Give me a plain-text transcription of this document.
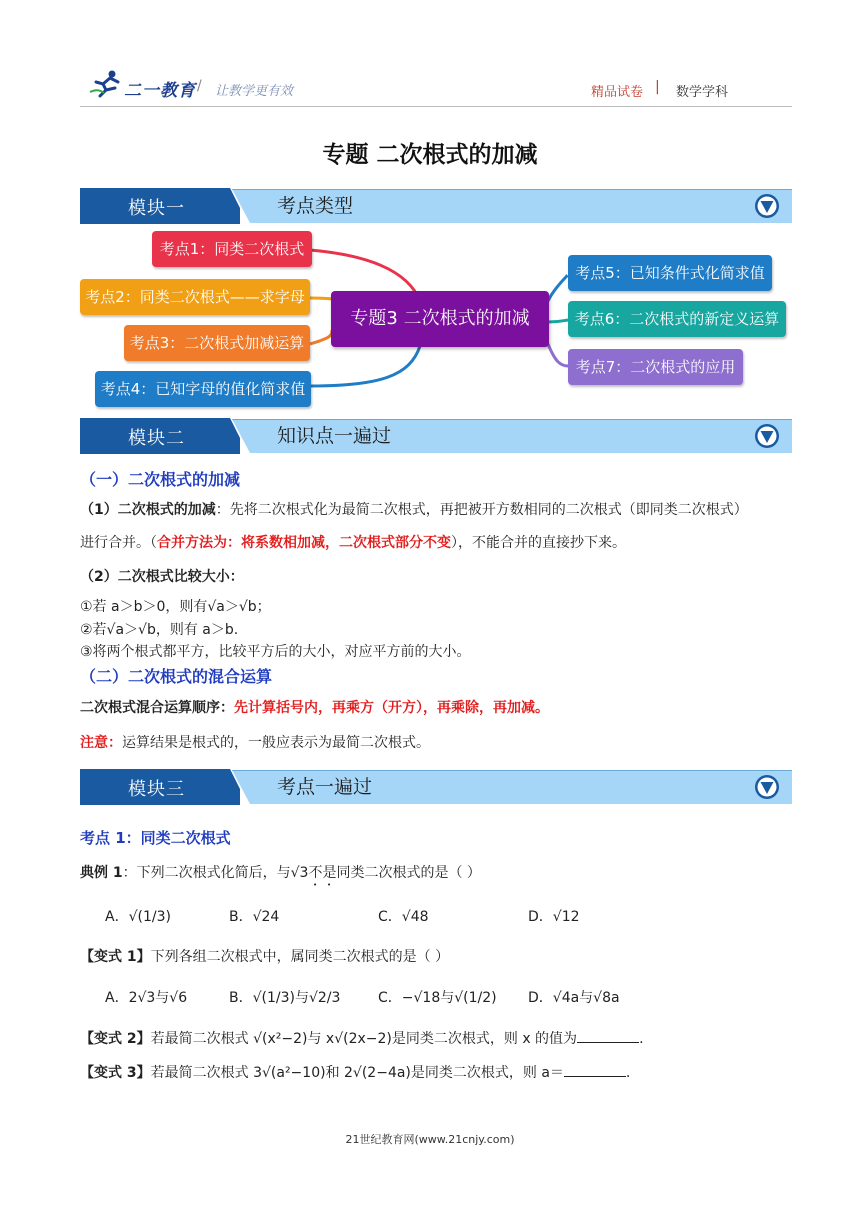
二一教育 / 让教学更有效	精品试卷 | 数学学科
专题 二次根式的加减
模块一	考点类型
考点1：同类二次根式
考点2：同类二次根式——求字母
考点3：二次根式加减运算
考点4：已知字母的值化简求值
专题3 二次根式的加减
考点5：已知条件式化简求值
考点6：二次根式的新定义运算
考点7：二次根式的应用
模块二	知识点一遍过
（一）二次根式的加减
（1）二次根式的加减：先将二次根式化为最简二次根式，再把被开方数相同的二次根式（即同类二次根式）
进行合并。（合并方法为：将系数相加减，二次根式部分不变），不能合并的直接抄下来。
（2）二次根式比较大小：
①若 a＞b＞0，则有√a＞√b；
②若√a＞√b，则有 a＞b.
③将两个根式都平方，比较平方后的大小，对应平方前的大小。
（二）二次根式的混合运算
二次根式混合运算顺序：先计算括号内，再乘方（开方），再乘除，再加减。
注意：运算结果是根式的，一般应表示为最简二次根式。
模块三	考点一遍过
考点 1：同类二次根式
典例 1：下列二次根式化简后，与√3不是同类二次根式的是（ ）
A．√(1/3)	B．√24	C．√48	D．√12
【变式 1】下列各组二次根式中，属同类二次根式的是（ ）
A．2√3与√6	B．√(1/3)与√2/3	C．−√18与√(1/2) D．√4a与√8a
【变式 2】若最简二次根式 √(x²−2)与 x√(2x−2)是同类二次根式，则 x 的值为	.
【变式 3】若最简二次根式 3√(a²−10)和 2√(2−4a)是同类二次根式，则 a＝	.
21世纪教育网(www.21cnjy.com)
